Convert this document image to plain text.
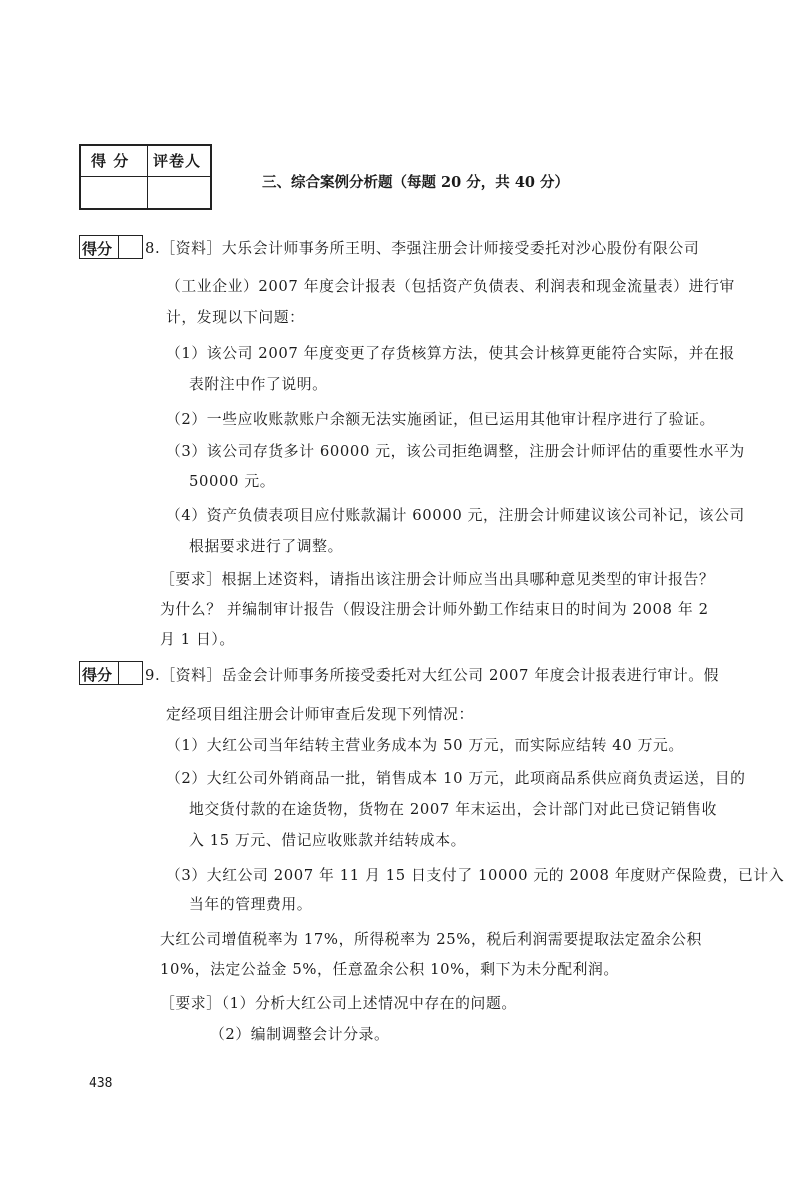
得 分 评卷人
三、综合案例分析题（每题 20 分，共 40 分）
得分 8.［资料］大乐会计师事务所王明、李强注册会计师接受委托对沙心股份有限公司
（工业企业）2007 年度会计报表（包括资产负债表、利润表和现金流量表）进行审
计，发现以下问题：
（1）该公司 2007 年度变更了存货核算方法，使其会计核算更能符合实际，并在报
表附注中作了说明。
（2）一些应收账款账户余额无法实施函证，但已运用其他审计程序进行了验证。
（3）该公司存货多计 60000 元，该公司拒绝调整，注册会计师评估的重要性水平为
50000 元。
（4）资产负债表项目应付账款漏计 60000 元，注册会计师建议该公司补记，该公司
根据要求进行了调整。
［要求］根据上述资料，请指出该注册会计师应当出具哪种意见类型的审计报告？
为什么？ 并编制审计报告（假设注册会计师外勤工作结束日的时间为 2008 年 2
月 1 日）。
得分 9.［资料］岳金会计师事务所接受委托对大红公司 2007 年度会计报表进行审计。假
定经项目组注册会计师审查后发现下列情况：
（1）大红公司当年结转主营业务成本为 50 万元，而实际应结转 40 万元。
（2）大红公司外销商品一批，销售成本 10 万元，此项商品系供应商负责运送，目的
地交货付款的在途货物，货物在 2007 年末运出，会计部门对此已贷记销售收
入 15 万元、借记应收账款并结转成本。
（3）大红公司 2007 年 11 月 15 日支付了 10000 元的 2008 年度财产保险费，已计入
当年的管理费用。
大红公司增值税率为 17%，所得税率为 25%，税后利润需要提取法定盈余公积
10%，法定公益金 5%，任意盈余公积 10%，剩下为未分配利润。
［要求］（1）分析大红公司上述情况中存在的问题。
（2）编制调整会计分录。
438
